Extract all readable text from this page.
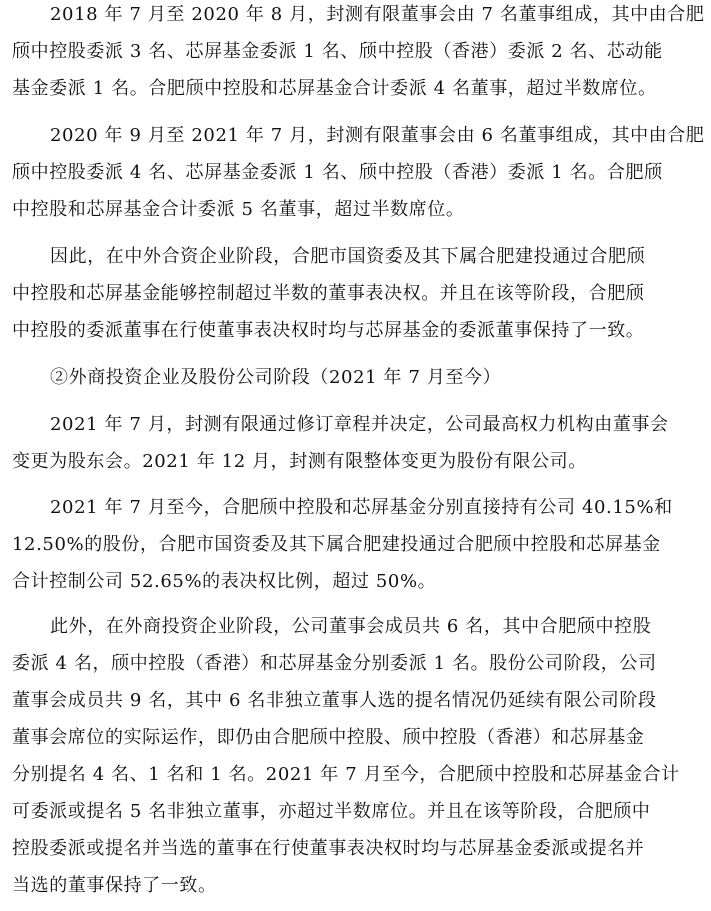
2018 年 7 月至 2020 年 8 月，封测有限董事会由 7 名董事组成，其中由合肥
颀中控股委派 3 名、芯屏基金委派 1 名、颀中控股（香港）委派 2 名、芯动能
基金委派 1 名。合肥颀中控股和芯屏基金合计委派 4 名董事，超过半数席位。
2020 年 9 月至 2021 年 7 月，封测有限董事会由 6 名董事组成，其中由合肥
颀中控股委派 4 名、芯屏基金委派 1 名、颀中控股（香港）委派 1 名。合肥颀
中控股和芯屏基金合计委派 5 名董事，超过半数席位。
因此，在中外合资企业阶段，合肥市国资委及其下属合肥建投通过合肥颀
中控股和芯屏基金能够控制超过半数的董事表决权。并且在该等阶段，合肥颀
中控股的委派董事在行使董事表决权时均与芯屏基金的委派董事保持了一致。
②外商投资企业及股份公司阶段（2021 年 7 月至今）
2021 年 7 月，封测有限通过修订章程并决定，公司最高权力机构由董事会
变更为股东会。2021 年 12 月，封测有限整体变更为股份有限公司。
2021 年 7 月至今，合肥颀中控股和芯屏基金分别直接持有公司 40.15%和
12.50%的股份，合肥市国资委及其下属合肥建投通过合肥颀中控股和芯屏基金
合计控制公司 52.65%的表决权比例，超过 50%。
此外，在外商投资企业阶段，公司董事会成员共 6 名，其中合肥颀中控股
委派 4 名，颀中控股（香港）和芯屏基金分别委派 1 名。股份公司阶段，公司
董事会成员共 9 名，其中 6 名非独立董事人选的提名情况仍延续有限公司阶段
董事会席位的实际运作，即仍由合肥颀中控股、颀中控股（香港）和芯屏基金
分别提名 4 名、1 名和 1 名。2021 年 7 月至今，合肥颀中控股和芯屏基金合计
可委派或提名 5 名非独立董事，亦超过半数席位。并且在该等阶段，合肥颀中
控股委派或提名并当选的董事在行使董事表决权时均与芯屏基金委派或提名并
当选的董事保持了一致。
